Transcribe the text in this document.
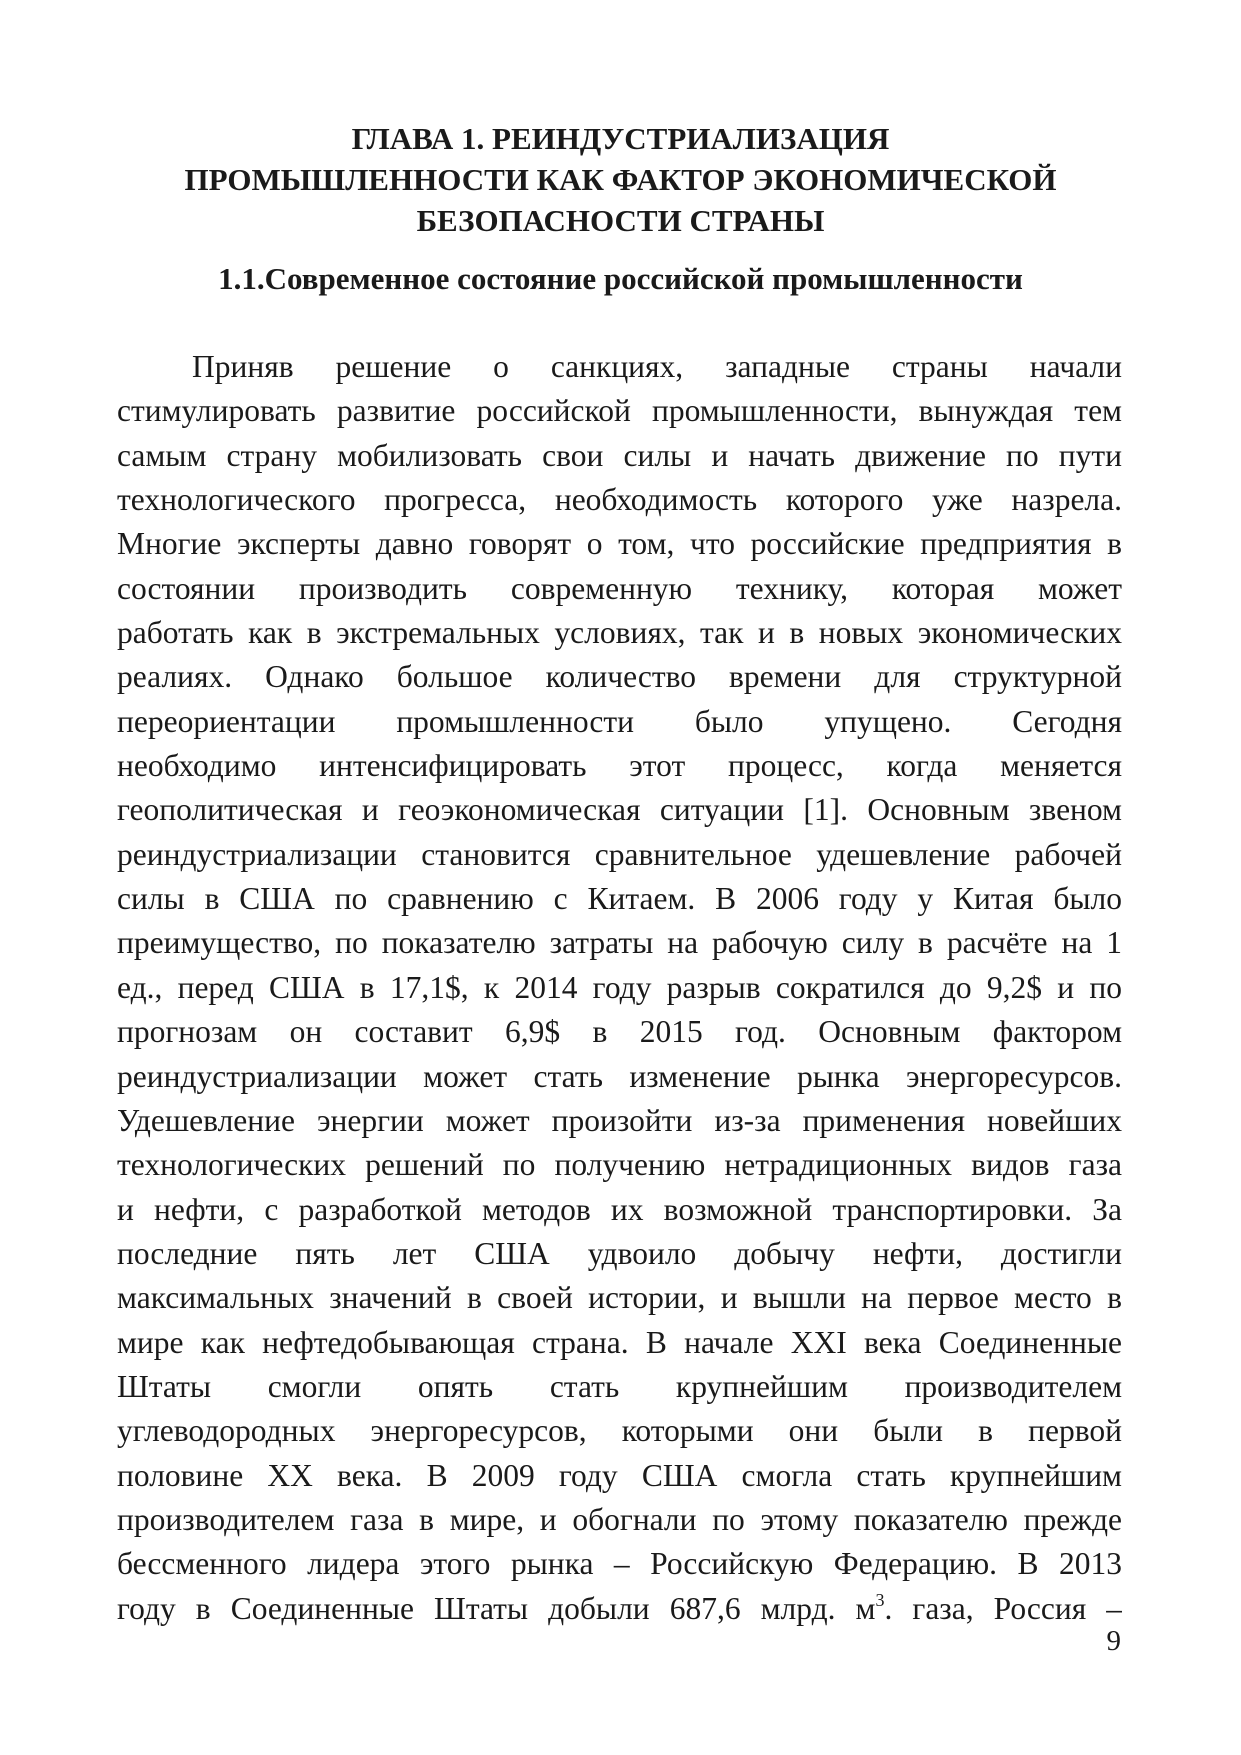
ГЛАВА 1. РЕИНДУСТРИАЛИЗАЦИЯ
ПРОМЫШЛЕННОСТИ КАК ФАКТОР ЭКОНОМИЧЕСКОЙ
БЕЗОПАСНОСТИ СТРАНЫ
1.1.Современное состояние российской промышленности
Приняв решение о санкциях, западные страны начали
стимулировать развитие российской промышленности, вынуждая тем
самым страну мобилизовать свои силы и начать движение по пути
технологического прогресса, необходимость которого уже назрела.
Многие эксперты давно говорят о том, что российские предприятия в
состоянии производить современную технику, которая может
работать как в экстремальных условиях, так и в новых экономических
реалиях. Однако большое количество времени для структурной
переориентации промышленности было упущено. Сегодня
необходимо интенсифицировать этот процесс, когда меняется
геополитическая и геоэкономическая ситуации [1]. Основным звеном
реиндустриализации становится сравнительное удешевление рабочей
силы в США по сравнению с Китаем. В 2006 году у Китая было
преимущество, по показателю затраты на рабочую силу в расчёте на 1
ед., перед США в 17,1$, к 2014 году разрыв сократился до 9,2$ и по
прогнозам он составит 6,9$ в 2015 год. Основным фактором
реиндустриализации может стать изменение рынка энергоресурсов.
Удешевление энергии может произойти из-за применения новейших
технологических решений по получению нетрадиционных видов газа
и нефти, с разработкой методов их возможной транспортировки. За
последние пять лет США удвоило добычу нефти, достигли
максимальных значений в своей истории, и вышли на первое место в
мире как нефтедобывающая страна. В начале XXI века Соединенные
Штаты смогли опять стать крупнейшим производителем
углеводородных энергоресурсов, которыми они были в первой
половине XX века. В 2009 году США смогла стать крупнейшим
производителем газа в мире, и обогнали по этому показателю прежде
бессменного лидера этого рынка – Российскую Федерацию. В 2013
году в Соединенные Штаты добыли 687,6 млрд. $м^3$. газа, Россия –
9
